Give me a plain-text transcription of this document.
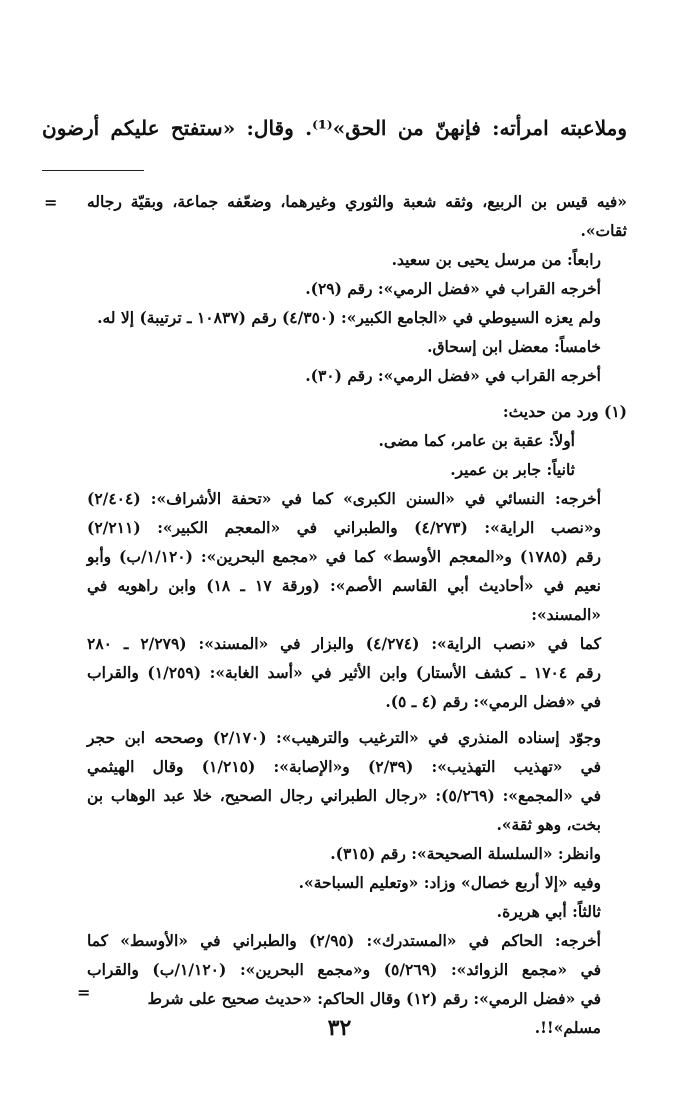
وملاعبته امرأته: فإنهنّ من الحق»⁽¹⁾. وقال: «ستفتح عليكم أرضون
= «فيه قيس بن الربيع، وثقه شعبة والثوري وغيرهما، وضعّفه جماعة، وبقيّة رجاله

ثقات».

رابعاً: من مرسل يحيى بن سعيد.

أخرجه القراب في «فضل الرمي»: رقم (٢٩).

ولم يعزه السيوطي في «الجامع الكبير»: (٤/٣٥٠) رقم (١٠٨٣٧ ـ ترتيبة) إلا له.

خامساً: معضل ابن إسحاق.

أخرجه القراب في «فضل الرمي»: رقم (٣٠).

(١) ورد من حديث:

أولاً: عقبة بن عامر، كما مضى.

ثانياً: جابر بن عمير.

أخرجه: النسائي في «السنن الكبرى» كما في «تحفة الأشراف»: (٢/٤٠٤)

و«نصب الراية»: (٤/٢٧٣) والطبراني في «المعجم الكبير»: (٢/٢١١)

رقم (١٧٨٥) و«المعجم الأوسط» كما في «مجمع البحرين»: (١/١٢٠/ب) وأبو

نعيم في «أحاديث أبي القاسم الأصم»: (ورقة ١٧ ـ ١٨) وابن راهويه في «المسند»:

كما في «نصب الراية»: (٤/٢٧٤) والبزار في «المسند»: (٢/٢٧٩ ـ ٢٨٠

رقم ١٧٠٤ ـ كشف الأستار) وابن الأثير في «أسد الغابة»: (١/٢٥٩) والقراب

في «فضل الرمي»: رقم (٤ ـ ٥).

وجوّد إسناده المنذري في «الترغيب والترهيب»: (٢/١٧٠) وصححه ابن حجر

في «تهذيب التهذيب»: (٢/٣٩) و«الإصابة»: (١/٢١٥) وقال الهيثمي

في «المجمع»: (٥/٢٦٩): «رجال الطبراني رجال الصحيح، خلا عبد الوهاب بن

بخت، وهو ثقة».

وانظر: «السلسلة الصحيحة»: رقم (٣١٥).

وفيه «إلا أربع خصال» وزاد: «وتعليم السباحة».

ثالثاً: أبي هريرة.

أخرجه: الحاكم في «المستدرك»: (٢/٩٥) والطبراني في «الأوسط» كما

في «مجمع الزوائد»: (٥/٢٦٩) و«مجمع البحرين»: (١/١٢٠/ب) والقراب

في «فضل الرمي»: رقم (١٢) وقال الحاكم: «حديث صحيح على شرط مسلم»!!.

=
٣٢
